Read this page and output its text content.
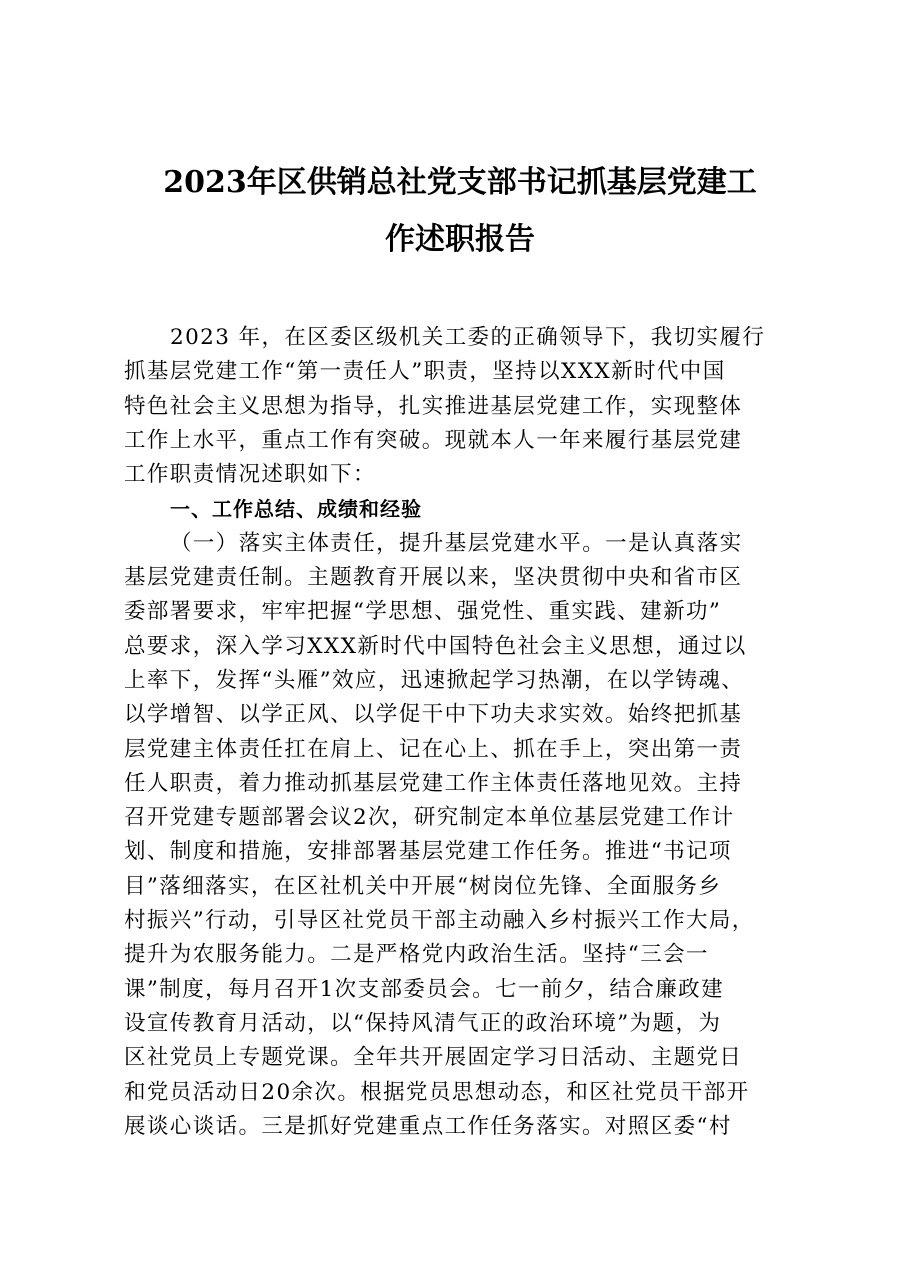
2023年区供销总社党支部书记抓基层党建工
作述职报告
2023 年，在区委区级机关工委的正确领导下，我切实履行
抓基层党建工作“第一责任人”职责，坚持以XXX新时代中国
特色社会主义思想为指导，扎实推进基层党建工作，实现整体
工作上水平，重点工作有突破。现就本人一年来履行基层党建
工作职责情况述职如下：
一、工作总结、成绩和经验
（一）落实主体责任，提升基层党建水平。一是认真落实
基层党建责任制。主题教育开展以来，坚决贯彻中央和省市区
委部署要求，牢牢把握“学思想、强党性、重实践、建新功”
总要求，深入学习XXX新时代中国特色社会主义思想，通过以
上率下，发挥“头雁”效应，迅速掀起学习热潮，在以学铸魂、
以学增智、以学正风、以学促干中下功夫求实效。始终把抓基
层党建主体责任扛在肩上、记在心上、抓在手上，突出第一责
任人职责，着力推动抓基层党建工作主体责任落地见效。主持
召开党建专题部署会议2次，研究制定本单位基层党建工作计
划、制度和措施，安排部署基层党建工作任务。推进“书记项
目”落细落实，在区社机关中开展“树岗位先锋、全面服务乡
村振兴”行动，引导区社党员干部主动融入乡村振兴工作大局，
提升为农服务能力。二是严格党内政治生活。坚持“三会一
课”制度，每月召开1次支部委员会。七一前夕，结合廉政建
设宣传教育月活动，以“保持风清气正的政治环境”为题，为
区社党员上专题党课。全年共开展固定学习日活动、主题党日
和党员活动日20余次。根据党员思想动态，和区社党员干部开
展谈心谈话。三是抓好党建重点工作任务落实。对照区委“村
